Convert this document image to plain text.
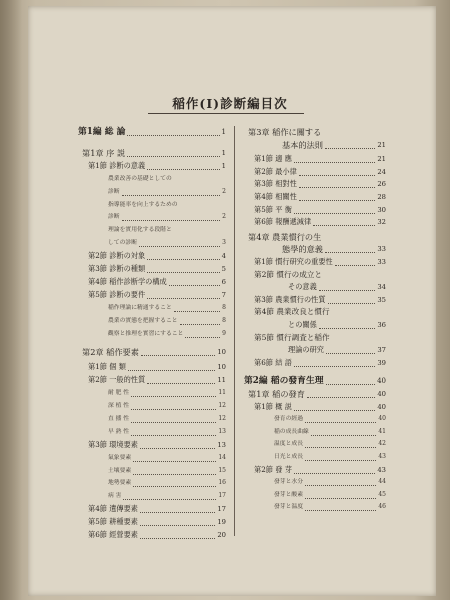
稲作(I)診断編目次
第1編 総 論	1
第1章 序 説	1
第1節 診断の意義	1
農業改善の基礎としての
診断	2
指導能率を向上するための
診断	2
理論を實用化する段階と
しての診断	3
第2節 診断の対象	4
第3節 診断の種類	5
第4節 稲作診断学の構成	6
第5節 診断の要件	7
稲作理論に精通すること	8
農業の實態を把握すること	8
觀察と推理を實習にすること	9
第2章 稲作要素	10
第1節 個 類	10
第2節 一般的性質	11
耐 肥 性	11
深 植 性	12
直 播 性	12
早 熟 性	13
第3節 環境要素	13
氣象要素	14
土壤要素	15
地勢要素	16
病 害	17
第4節 遺傳要素	17
第5節 耕種要素	19
第6節 經營要素	20
第3章 稲作に關する
基本的法則	21
第1節 適 應	21
第2節 最小律	24
第3節 相對性	26
第4節 相關性	28
第5節 平 衡	30
第6節 報酬遞減律	32
第4章 農業慣行の生
態學的意義	33
第1節 慣行研究の重要性	33
第2節 慣行の成立と
その意義	34
第3節 農業慣行の性質	35
第4節 農業改良と慣行
との關係	36
第5節 慣行調査と稲作
理論の研究	37
第6節 結 語	39
第2編 稲の發育生理	40
第1章 稲の發育	40
第1節 概 説	40
發育の經過	40
稲の成長曲線	41
温度と成長	42
日光と成長	43
第2節 發 芽	43
發芽と水分	44
發芽と酸素	45
發芽と温度	46
